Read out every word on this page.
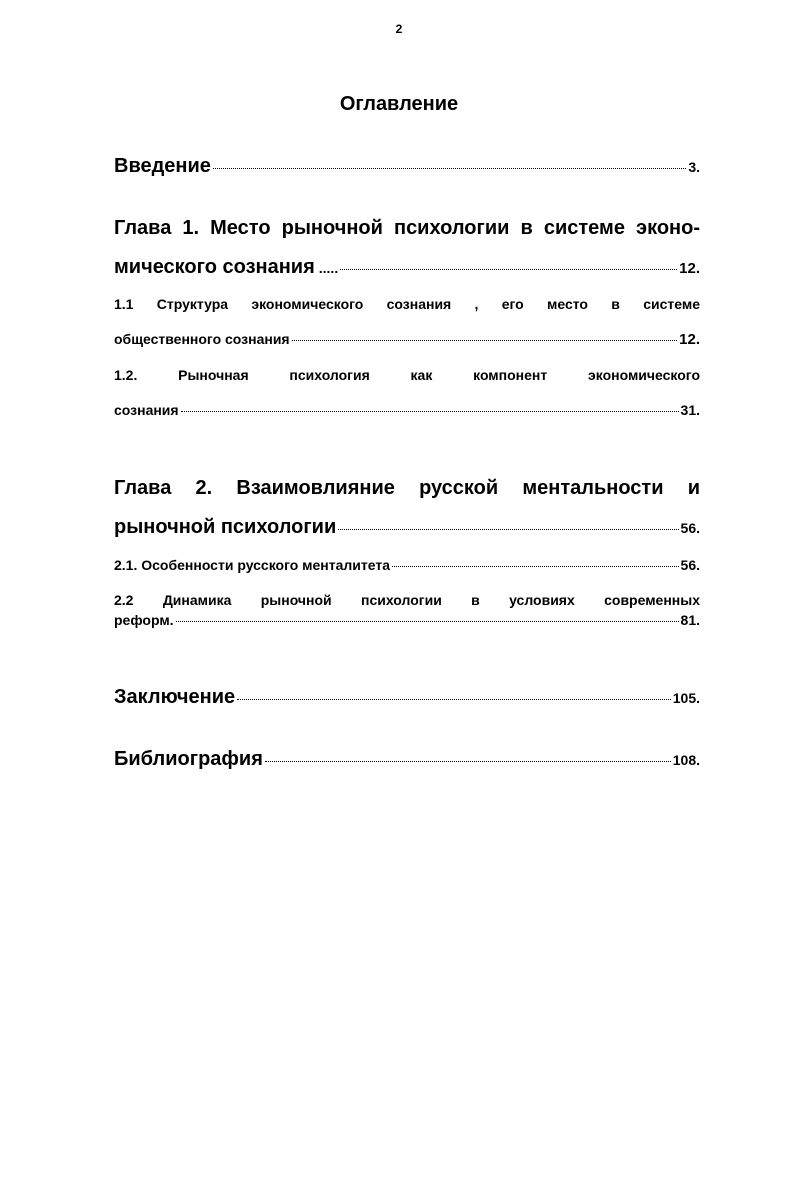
2
Оглавление
Введение	3.
Глава 1. Место рыночной психологии в системе эконо-
мического сознания .....	12.
1.1 Структура экономического сознания , его место в системе
общественного сознания	12.
1.2. Рыночная психология как компонент экономического
сознания	31.
Глава 2. Взаимовлияние русской ментальности и
рыночной психологии	56.
2.1. Особенности русского менталитета	56.
2.2 Динамика рыночной психологии в условиях современных
реформ.	81.
Заключение	105.
Библиография	108.
